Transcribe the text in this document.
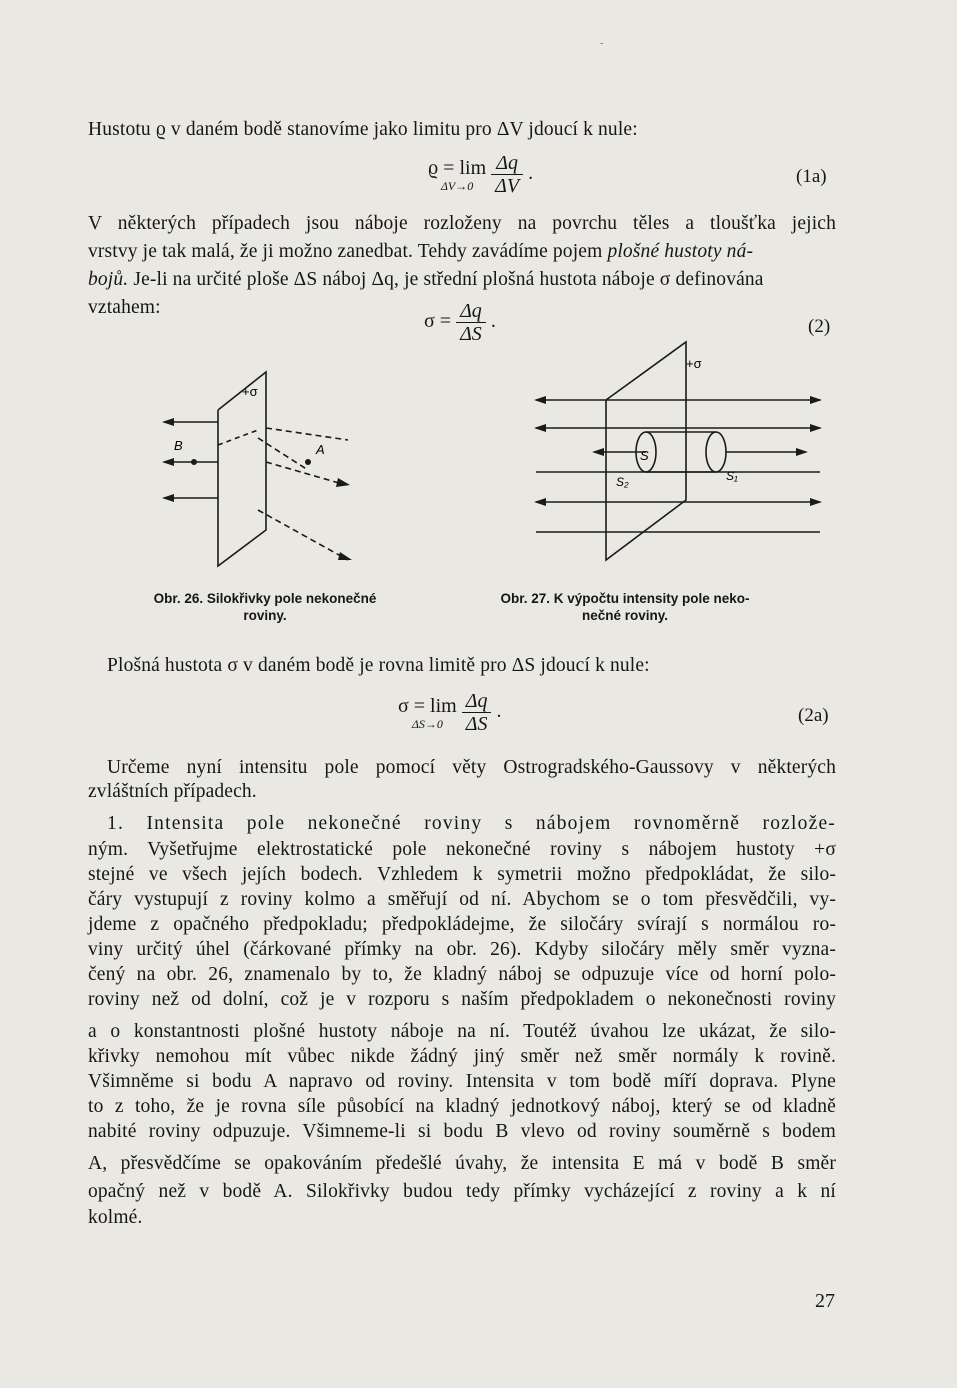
-
Hustotu ϱ v daném bodě stanovíme jako limitu pro ΔV jdoucí k nule:
ϱ = lim
ΔV→0
$\frac{\Delta q}{\Delta V}$ .	(1a)
V některých případech jsou náboje rozloženy na povrchu těles a tloušťka jejich
vrstvy je tak malá, že ji možno zanedbat. Tehdy zavádíme pojem plošné hustoty ná-
bojů. Je-li na určité ploše ΔS náboj Δq, je střední plošná hustota náboje σ definována
vztahem:
$\sigma = \frac{\Delta q}{\Delta S}$ .	(2)
+σ
B	A
+σ
S
S₂	S₁
Obr. 26. Silokřivky pole nekonečné
roviny.
Obr. 27. K výpočtu intensity pole neko-
nečné roviny.
Plošná hustota σ v daném bodě je rovna limitě pro ΔS jdoucí k nule:
σ = lim
ΔS→0
$\frac{\Delta q}{\Delta S}$ .	(2a)
Určeme nyní intensitu pole pomocí věty Ostrogradského-Gaussovy v některých
zvláštních případech.
1. Intensita pole nekonečné roviny s nábojem rovnoměrně rozlože-
ným. Vyšetřujme elektrostatické pole nekonečné roviny s nábojem hustoty +σ
stejné ve všech jejích bodech. Vzhledem k symetrii možno předpokládat, že silo-
čáry vystupují z roviny kolmo a směřují od ní. Abychom se o tom přesvědčili, vy-
jdeme z opačného předpokladu; předpokládejme, že siločáry svírají s normálou ro-
viny určitý úhel (čárkované přímky na obr. 26). Kdyby siločáry měly směr vyzna-
čený na obr. 26, znamenalo by to, že kladný náboj se odpuzuje více od horní polo-
roviny než od dolní, což je v rozporu s naším předpokladem o nekonečnosti roviny
a o konstantnosti plošné hustoty náboje na ní. Toutéž úvahou lze ukázat, že silo-
křivky nemohou mít vůbec nikde žádný jiný směr než směr normály k rovině.
Všimněme si bodu A napravo od roviny. Intensita v tom bodě míří doprava. Plyne
to z toho, že je rovna síle působící na kladný jednotkový náboj, který se od kladně
nabité roviny odpuzuje. Všimneme-li si bodu B vlevo od roviny souměrně s bodem
A, přesvědčíme se opakováním předešlé úvahy, že intensita E má v bodě B směr
opačný než v bodě A. Silokřivky budou tedy přímky vycházející z roviny a k ní
kolmé.
27
